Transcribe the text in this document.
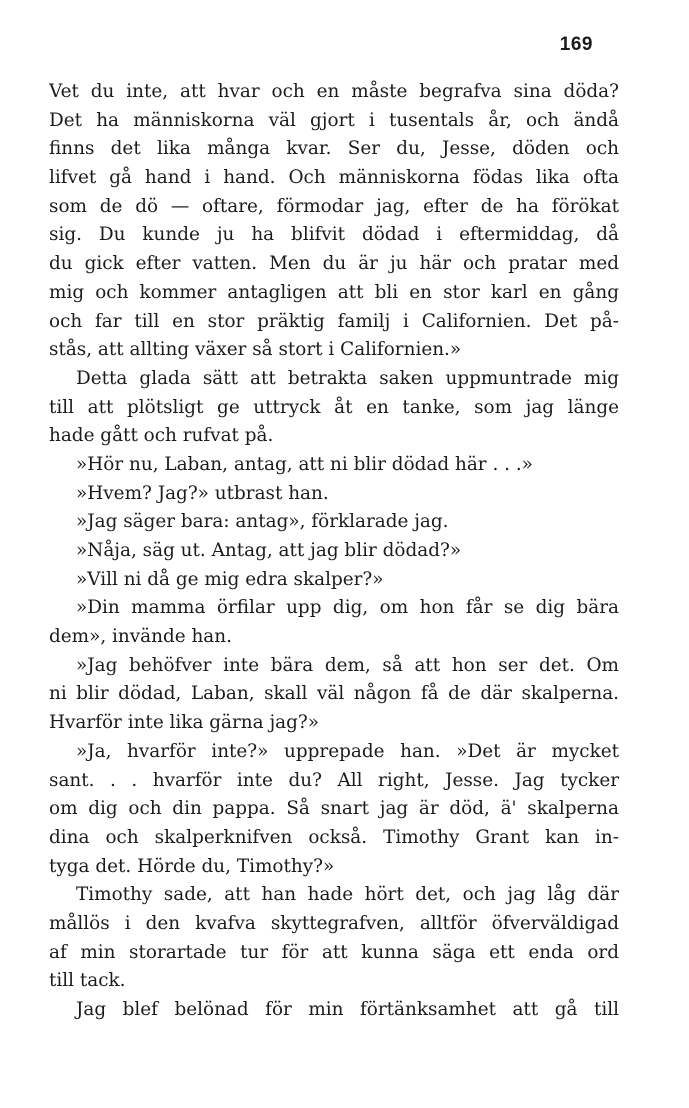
169
Vet du inte, att hvar och en måste begrafva sina döda?
Det ha människorna väl gjort i tusentals år, och ändå
finns det lika många kvar. Ser du, Jesse, döden och
lifvet gå hand i hand. Och människorna födas lika ofta
som de dö — oftare, förmodar jag, efter de ha förökat
sig. Du kunde ju ha blifvit dödad i eftermiddag, då
du gick efter vatten. Men du är ju här och pratar med
mig och kommer antagligen att bli en stor karl en gång
och far till en stor präktig familj i Californien. Det på-
stås, att allting växer så stort i Californien.»
Detta glada sätt att betrakta saken uppmuntrade mig
till att plötsligt ge uttryck åt en tanke, som jag länge
hade gått och rufvat på.
»Hör nu, Laban, antag, att ni blir dödad här . . .»
»Hvem? Jag?» utbrast han.
»Jag säger bara: antag», förklarade jag.
»Nåja, säg ut. Antag, att jag blir dödad?»
»Vill ni då ge mig edra skalper?»
»Din mamma örfilar upp dig, om hon får se dig bära
dem», invände han.
»Jag behöfver inte bära dem, så att hon ser det. Om
ni blir dödad, Laban, skall väl någon få de där skalperna.
Hvarför inte lika gärna jag?»
»Ja, hvarför inte?» upprepade han. »Det är mycket
sant. . . hvarför inte du? All right, Jesse. Jag tycker
om dig och din pappa. Så snart jag är död, ä' skalperna
dina och skalperknifven också. Timothy Grant kan in-
tyga det. Hörde du, Timothy?»
Timothy sade, att han hade hört det, och jag låg där
mållös i den kvafva skyttegrafven, alltför öfverväldigad
af min storartade tur för att kunna säga ett enda ord
till tack.
Jag blef belönad för min förtänksamhet att gå till
